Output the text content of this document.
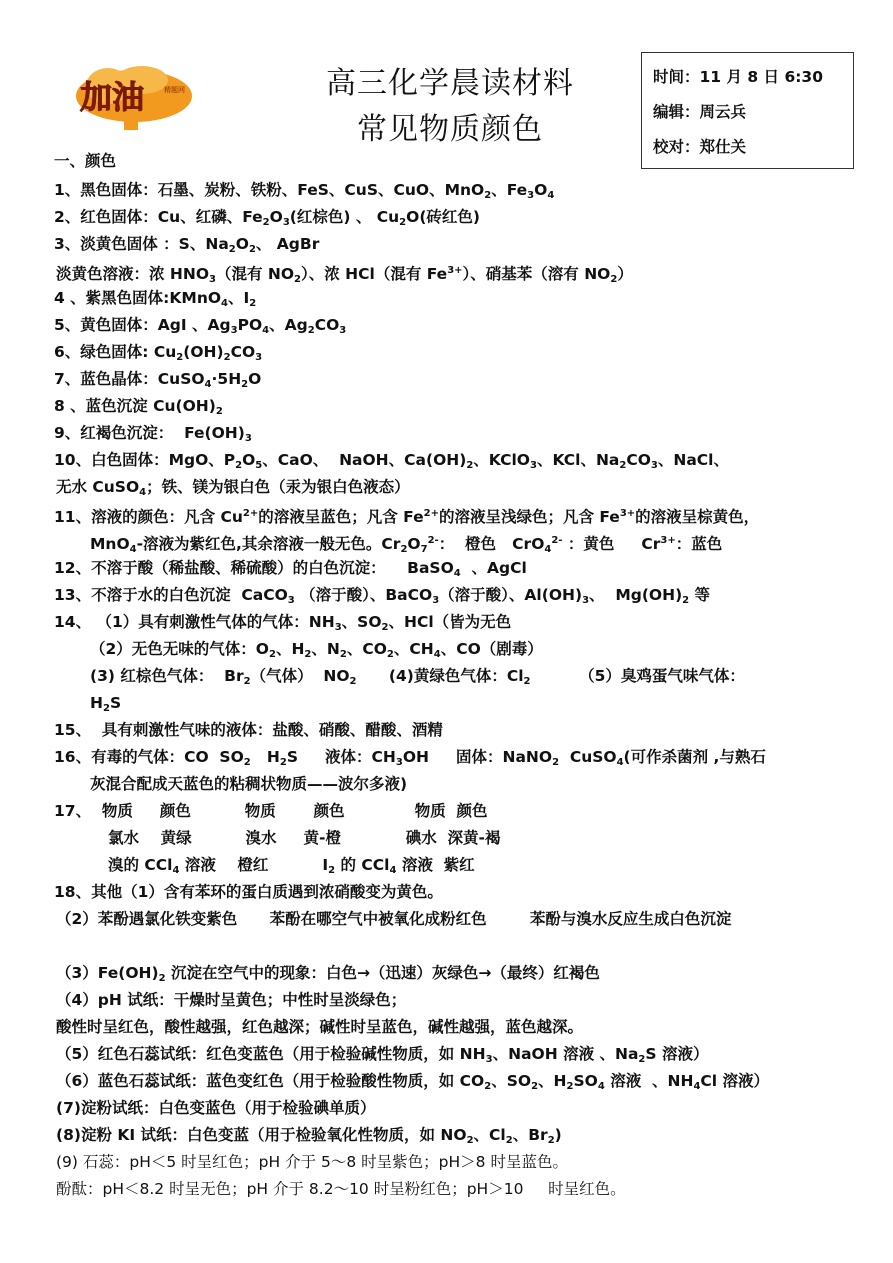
加油	精题网	高三化学晨读材料
常见物质颜色
时间：11 月 8 日 6:30
编辑：周云兵
校对：郑仕关
一、颜色
1、黑色固体：石墨、炭粉、铁粉、FeS、CuS、CuO、MnO$_2$、$Fe_3O_4$
2、红色固体：Cu、红磷、$Fe_2O_3$(红棕色) 、 $Cu_2O$(砖红色)
3、淡黄色固体 ：S、$Na_2O_2$、 AgBr
淡黄色溶液：浓 $HNO_3$（混有 $NO_2$）、浓 HCl（混有 $Fe^{3+}$）、硝基苯（溶有 $NO_2$）
4 、紫黑色固体:KMnO$_4$、$I_2$
5、黄色固体：AgI 、$Ag_3PO_4$、$Ag_2CO_3$
6、绿色固体: $Cu_2(OH)_2CO_3$
7、蓝色晶体：$CuSO_4\cdot 5H_2O$
8 、蓝色沉淀 $Cu(OH)_2$
9、红褐色沉淀：  $Fe(OH)_3$
10、白色固体：MgO、$P_2O_5$、CaO、  NaOH、$Ca(OH)_2$、KClO$_3$、KCl、$Na_2CO_3$、NaCl、
无水 CuSO$_4$；铁、镁为银白色（汞为银白色液态）
11、溶液的颜色：凡含 $Cu^{2+}$的溶液呈蓝色；凡含 $Fe^{2+}$的溶液呈浅绿色；凡含 $Fe^{3+}$的溶液呈棕黄色，
MnO$_4$-溶液为紫红色,其余溶液一般无色。$Cr_2O_7^{2-}$：  橙色   CrO$_4^{2-}$ ：黄色     $Cr^{3+}$：蓝色
12、不溶于酸（稀盐酸、稀硫酸）的白色沉淀：    BaSO$_4$  、AgCl
13、不溶于水的白色沉淀  CaCO$_3$ （溶于酸）、BaCO$_3$（溶于酸）、$Al(OH)_3$、  $Mg(OH)_2$ 等
14、 （1）具有刺激性气体的气体：$NH_3$、$SO_2$、HCl（皆为无色
（2）无色无味的气体：$O_2$、$H_2$、$N_2$、$CO_2$、$CH_4$、CO（剧毒）
(3) 红棕色气体：  $Br_2$（气体）  $NO_2$      (4)黄绿色气体：$Cl_2$         （5）臭鸡蛋气味气体：
$H_2S$
15、  具有刺激性气味的液体：盐酸、硝酸、醋酸、酒精
16、有毒的气体：CO  $SO_2$   $H_2S$     液体：$CH_3OH$     固体：NaNO$_2$  CuSO$_4$(可作杀菌剂 ,与熟石
灰混合配成天蓝色的粘稠状物质——波尔多液)
17、  物质     颜色          物质       颜色             物质  颜色
氯水    黄绿          溴水     黄-橙            碘水  深黄-褐
溴的 CCl$_4$ 溶液    橙红          $I_2$ 的 CCl$_4$ 溶液  紫红
18、其他（1）含有苯环的蛋白质遇到浓硝酸变为黄色。
（2）苯酚遇氯化铁变紫色      苯酚在哪空气中被氧化成粉红色        苯酚与溴水反应生成白色沉淀
$(3)Fe(OH)_2$ 沉淀在空气中的现象：白色→（迅速）灰绿色→（最终）红褐色
（4）pH 试纸：干燥时呈黄色；中性时呈淡绿色；
酸性时呈红色，酸性越强，红色越深；碱性时呈蓝色，碱性越强，蓝色越深。
（5）红色石蕊试纸：红色变蓝色（用于检验碱性物质，如 $NH_3$、NaOH 溶液 、$Na_2S$ 溶液）
（6）蓝色石蕊试纸：蓝色变红色（用于检验酸性物质，如 $CO_2$、$SO_2$、$H_2SO_4$ 溶液  、$NH_4Cl$ 溶液）
(7)淀粉试纸：白色变蓝色（用于检验碘单质）
(8)淀粉 KI 试纸：白色变蓝（用于检验氧化性物质，如 $NO_2$、$Cl_2$、$Br_2$)
(9) 石蕊：pH＜5 时呈红色；pH 介于 5～8 时呈紫色；pH＞8 时呈蓝色。
酚酞：pH＜8.2 时呈无色；pH 介于 8.2～10 时呈粉红色；pH＞10     时呈红色。
